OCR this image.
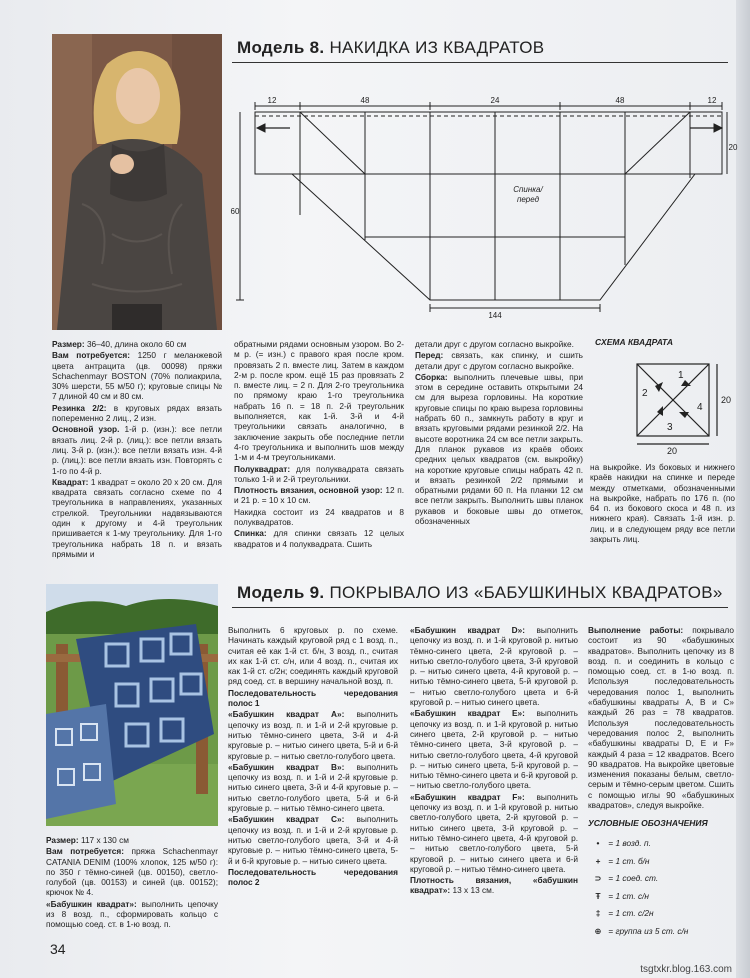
Модель 8. НАКИДКА ИЗ КВАДРАТОВ
12	48	24	48	12
60
20
144
Спинка/
перед
СХЕМА КВАДРАТА
1
2
3
4
20
20

Размер: 36–40, длина около 60 см

Вам потребуется: 1250 г меланжевой цвета антрацита (цв. 00098) пряжи Schachenmayr BOSTON (70% полиакрила, 30% шерсти, 55 м/50 г); круговые спицы № 7 длиной 40 см и 80 см.

Резинка 2/2: в круговых рядах вязать попеременно 2 лиц., 2 изн.

Основной узор. 1-й р. (изн.): все петли вязать лиц. 2-й р. (лиц.): все петли вязать лиц. 3-й р. (изн.): все петли вязать изн. 4-й р. (лиц.): все петли вязать изн. Повторять с 1-го по 4-й р.

Квадрат: 1 квадрат = около 20 х 20 см. Для квадрата связать согласно схеме по 4 треугольника в направлениях, указанных стрелкой. Треугольники надвязываются один к другому и 4-й треугольник пришивается к 1-му треугольнику. Для 1-го треугольника набрать 18 п. и вязать прямыми и

обратными рядами основным узором. Во 2-м р. (= изн.) с правого края после кром. провязать 2 п. вместе лиц. Затем в каждом 2-м р. после кром. ещё 15 раз провязать 2 п. вместе лиц. = 2 п. Для 2-го треугольника по прямому краю 1-го треугольника набрать 16 п. = 18 п. 2-й треугольник выполняется, как 1-й. 3-й и 4-й треугольники связать аналогично, в заключение закрыть обе последние петли 4-го треугольника и выполнить шов между 1-м и 4-м треугольниками.

Полуквадрат: для полуквадрата связать только 1-й и 2-й треугольники.

Плотность вязания, основной узор: 12 п. и 21 р. = 10 х 10 см.

Накидка состоит из 24 квадратов и 8 полуквадратов.

Спинка: для спинки связать 12 целых квадратов и 4 полуквадрата. Сшить

детали друг с другом согласно выкройке.

Перед: связать, как спинку, и сшить детали друг с другом согласно выкройке.

Сборка: выполнить плечевые швы, при этом в середине оставить открытыми 24 см для выреза горловины. На короткие круговые спицы по краю выреза горловины набрать 60 п., замкнуть работу в круг и вязать круговыми рядами резинкой 2/2. На высоте воротника 24 см все петли закрыть. Для планок рукавов из краёв обоих средних целых квадратов (см. выкройку) на короткие круговые спицы набрать 42 п. и вязать резинкой 2/2 прямыми и обратными рядами 60 п. На планки 12 см все петли закрыть. Выполнить швы планок рукавов и боковые швы до отметок, обозначенных

на выкройке. Из боковых и нижнего краёв накидки на спинке и переде между отметками, обозначенными на выкройке, набрать по 176 п. (по 64 п. из бокового скоса и 48 п. из нижнего края). Связать 1-й изн. р. лиц. и в следующем ряду все петли закрыть лиц.

Модель 9. ПОКРЫВАЛО ИЗ «БАБУШКИНЫХ КВАДРАТОВ»

Размер: 117 х 130 см

Вам потребуется: пряжа Schachenmayr CATANIA DENIM (100% хлопок, 125 м/50 г): по 350 г тёмно-синей (цв. 00150), светло-голубой (цв. 00153) и синей (цв. 00152); крючок № 4.

«Бабушкин квадрат»: выполнить цепочку из 8 возд. п., сформировать кольцо с помощью соед. ст. в 1-ю возд. п.

Выполнить 6 круговых р. по схеме. Начинать каждый круговой ряд с 1 возд. п., считая её как 1-й ст. б/н, 3 возд. п., считая их как 1-й ст. с/н, или 4 возд. п., считая их как 1-й ст. с/2н; соединять каждый круговой ряд соед. ст. в вершину начальной возд. п.

Последовательность чередования полос 1

«Бабушкин квадрат A»: выполнить цепочку из возд. п. и 1-й и 2-й круговые р. нитью тёмно-синего цвета, 3-й и 4-й круговые р. – нитью синего цвета, 5-й и 6-й круговые р. – нитью светло-голубого цвета.

«Бабушкин квадрат B»: выполнить цепочку из возд. п. и 1-й и 2-й круговые р. нитью синего цвета, 3-й и 4-й круговые р. – нитью светло-голубого цвета, 5-й и 6-й круговые р. – нитью тёмно-синего цвета.

«Бабушкин квадрат C»: выполнить цепочку из возд. п. и 1-й и 2-й круговые р. нитью светло-голубого цвета, 3-й и 4-й круговые р. – нитью тёмно-синего цвета, 5-й и 6-й круговые р. – нитью синего цвета.

Последовательность чередования полос 2

«Бабушкин квадрат D»: выполнить цепочку из возд. п. и 1-й круговой р. нитью тёмно-синего цвета, 2-й круговой р. – нитью светло-голубого цвета, 3-й круговой р. – нитью синего цвета, 4-й круговой р. – нитью тёмно-синего цвета, 5-й круговой р. – нитью светло-голубого цвета и 6-й круговой р. – нитью синего цвета.

«Бабушкин квадрат E»: выполнить цепочку из возд. п. и 1-й круговой р. нитью синего цвета, 2-й круговой р. – нитью тёмно-синего цвета, 3-й круговой р. – нитью светло-голубого цвета, 4-й круговой р. – нитью синего цвета, 5-й круговой р. – нитью тёмно-синего цвета и 6-й круговой р. – нитью светло-голубого цвета.

«Бабушкин квадрат F»: выполнить цепочку из возд. п. и 1-й круговой р. нитью светло-голубого цвета, 2-й круговой р. – нитью синего цвета, 3-й круговой р. – нитью тёмно-синего цвета, 4-й круговой р. – нитью светло-голубого цвета, 5-й круговой р. – нитью синего цвета и 6-й круговой р. – нитью тёмно-синего цвета.

Плотность вязания, «бабушкин квадрат»: 13 х 13 см.

Выполнение работы: покрывало состоит из 90 «бабушкиных квадратов». Выполнить цепочку из 8 возд. п. и соединить в кольцо с помощью соед. ст. в 1-ю возд. п. Используя последовательность чередования полос 1, выполнить «бабушкины квадраты A, B и C» каждый 26 раз = 78 квадратов. Используя последовательность чередования полос 2, выполнить «бабушкины квадраты D, E и F» каждый 4 раза = 12 квадратов. Всего 90 квадратов. На выкройке цветовые изменения показаны белым, светло-серым и тёмно-серым цветом. Сшить с помощью иглы 90 «бабушкиных квадратов», следуя выкройке.

УСЛОВНЫЕ ОБОЗНАЧЕНИЯ
• = 1 возд. п.
+ = 1 ст. б/н
⊃ = 1 соед. ст.
Ŧ = 1 ст. с/н
‡ = 1 ст. с/2н
⊕ = группа из 5 ст. с/н
34
tsgtxkr.blog.163.com
